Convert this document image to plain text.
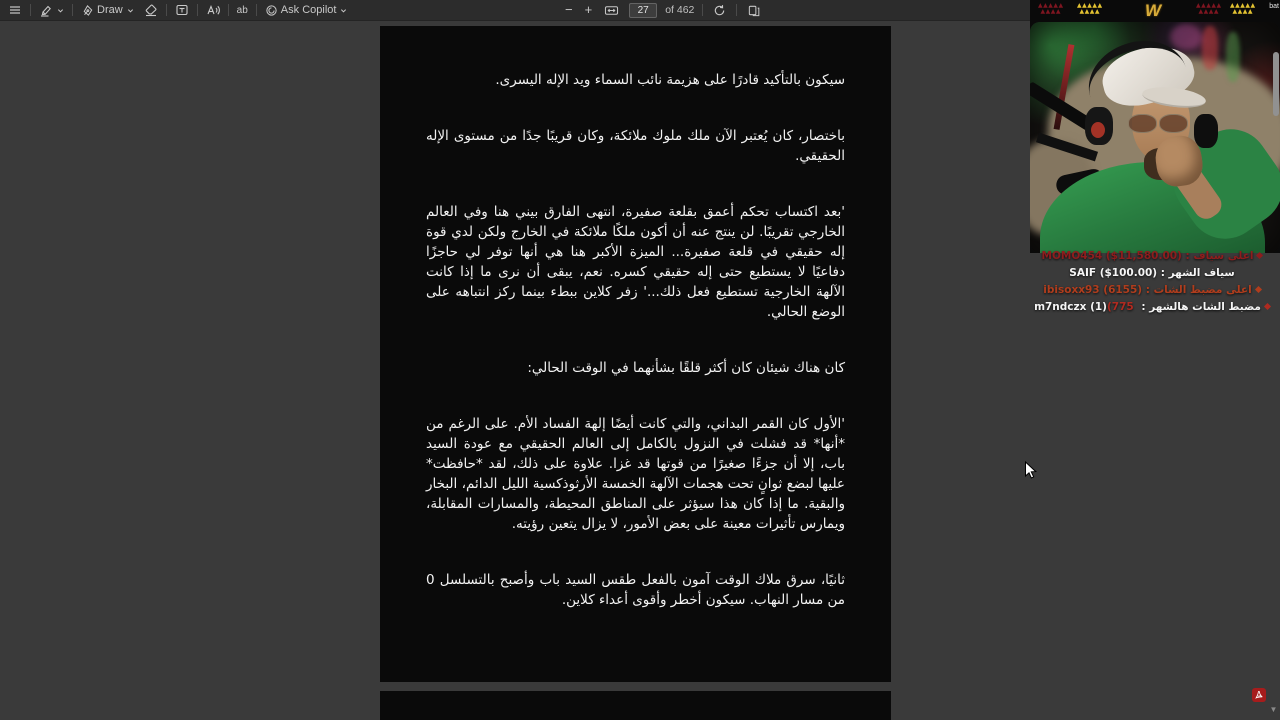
Draw	ab	Ask Copilot	− +
27	of 462

سيكون بالتأكيد قادرًا على هزيمة نائب السماء ويد الإله اليسرى.

باختصار، كان يُعتبر الآن ملك ملوك ملائكة، وكان قريبًا جدًا من مستوى الإله الحقيقي.

'بعد اكتساب تحكم أعمق بقلعة صفيرة، انتهى الفارق بيني هنا وفي العالم الخارجي تقريبًا. لن ينتج عنه أن أكون ملكًا ملائكة في الخارج ولكن لدي قوة إله حقيقي في قلعة صفيرة... الميزة الأكبر هنا هي أنها توفر لي حاجزًا دفاعيًا لا يستطيع حتى إله حقيقي كسره. نعم، يبقى أن نرى ما إذا كانت الآلهة الخارجية تستطيع فعل ذلك...' زفر كلاين ببطء بينما ركز انتباهه على الوضع الحالي.

كان هناك شيئان كان أكثر قلقًا بشأنهما في الوقت الحالي:

'الأول كان القمر البداني، والتي كانت أيضًا إلهة الفساد الأم. على الرغم من *أنها* قد فشلت في النزول بالكامل إلى العالم الحقيقي مع عودة السيد باب، إلا أن جزءًا صغيرًا من قوتها قد غزا. علاوة على ذلك، لقد *حافظت* عليها لبضع ثوانٍ تحت هجمات الآلهة الخمسة الأرثوذكسية الليل الدائم، البخار والبقية. ما إذا كان هذا سيؤثر على المناطق المحيطة، والمسارات المقابلة، ويمارس تأثيرات معينة على بعض الأمور، لا يزال يتعين رؤيته.

ثانيًا، سرق ملاك الوقت آمون بالفعل طقس السيد باب وأصبح بالتسلسل 0 من مسار النهاب. سيكون أخطر وأقوى أعداء كلاين.

▲▲▲▲▲
▲▲▲▲
▲▲▲▲▲
▲▲▲▲	W	▲▲▲▲▲
▲▲▲▲
▲▲▲▲▲
▲▲▲▲
bat
اعلى سياف : MOMO454 ($11,580.00)
سياف الشهر : SAIF ($100.00)
اعلى مضبط الشات : ibisoxx93 (6155)
مضبط الشات هالشهر : m7ndczx (1)(775
▼
